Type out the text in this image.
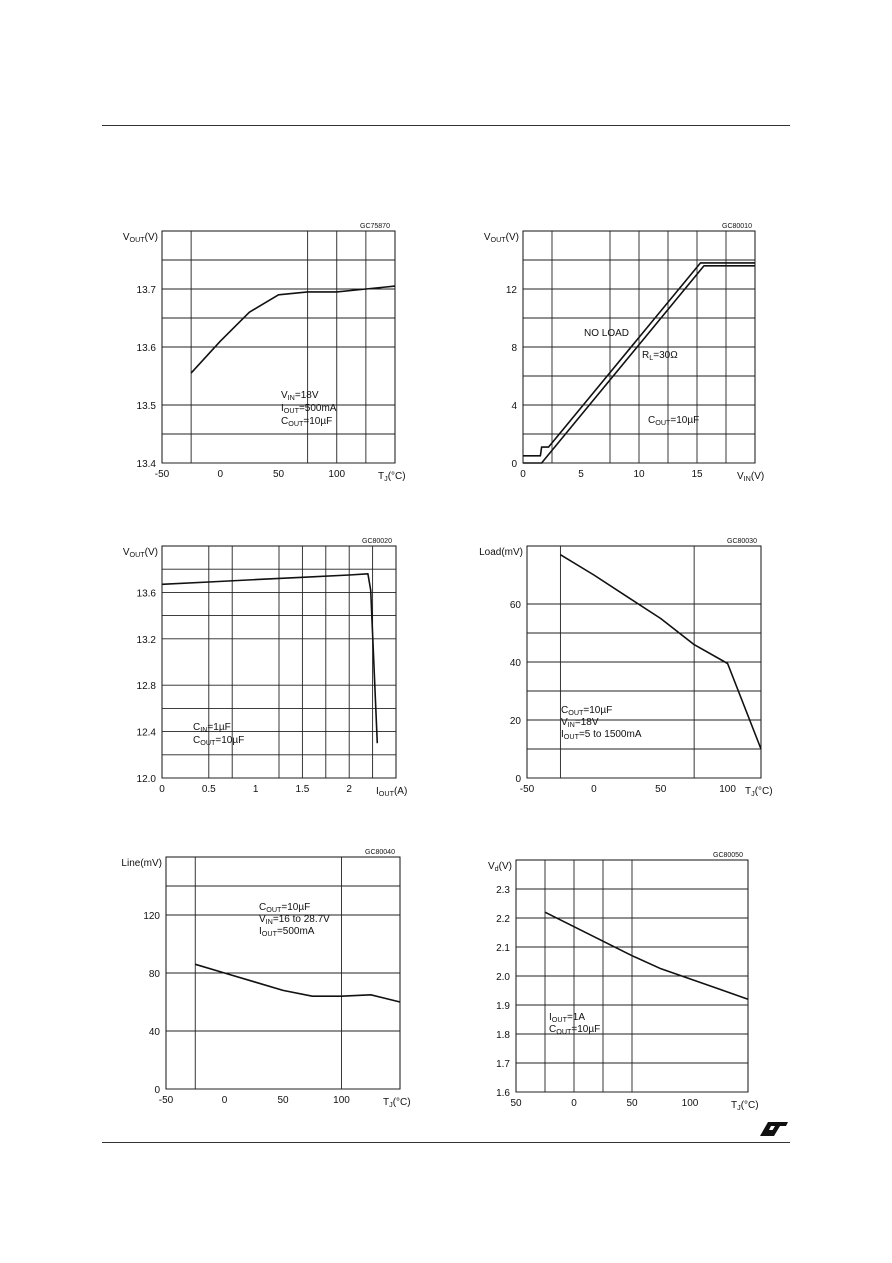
-50	0	50	100
13.4
13.5
13.6
13.7
GC75870
$V_{OUT}(V)$
$T_J(^\circ C)$
$V_{IN}=18V$
$I_{OUT}=500mA$
$C_{OUT}=10\mu F$
0	5	10	15
0
4
8
12
GC80010
$V_{OUT}(V)$
$V_{IN}(V)$
NO LOAD
$R_L=30\Omega$
$C_{OUT}=10\mu F$
0	0.5	1	1.5	2
12.0
12.4
12.8
13.2
13.6
GC80020
$V_{OUT}(V)$
$I_{OUT}(A)$
$C_{IN}=1\mu F$
$C_{OUT}=10\mu F$
-50	0	50	100
0
20
40
60
GC80030
Load(mV)
$T_J(^\circ C)$
$C_{OUT}=10\mu F$
$V_{IN}=18V$
$I_{OUT}=5$ to 1500mA
-50	0	50	100
0
40
80
120
GC80040
Line(mV)
$T_J(^\circ C)$
$C_{OUT}=10\mu F$
$V_{IN}=16$ to 28.7V
$I_{OUT}=500mA$
50	0	50	100
1.6
1.7
1.8
1.9
2.0
2.1
2.2
2.3
GC80050
$V_d(V)$
$T_J(^\circ C)$
$I_{OUT}=1A$
$C_{OUT}=10\mu F$
